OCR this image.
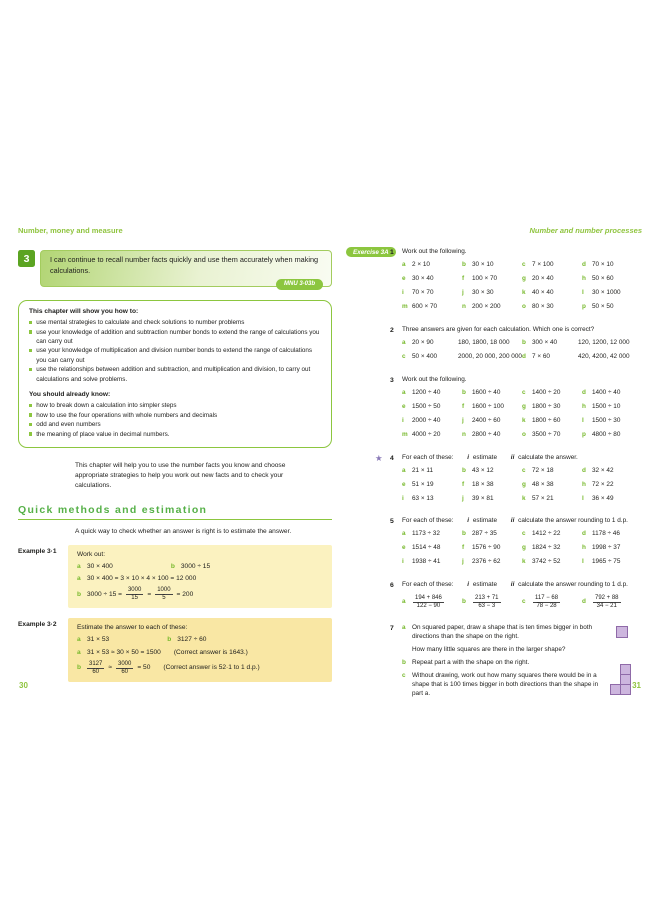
Number, money and measure
3	I can continue to recall number facts quickly and use them accurately when making calculations.
MNU 3-03b
This chapter will show you how to:
use mental strategies to calculate and check solutions to number problems
use your knowledge of addition and subtraction number bonds to extend the range of calculations you can carry out
use your knowledge of multiplication and division number bonds to extend the range of calculations you can carry out
use the relationships between addition and subtraction, and multiplication and division, to carry out calculations and solve problems.
You should already know:
how to break down a calculation into simpler steps
how to use the four operations with whole numbers and decimals
odd and even numbers
the meaning of place value in decimal numbers.
This chapter will help you to use the number facts you know and choose appropriate strategies to help you work out new facts and to check your calculations.
Quick methods and estimation
A quick way to check whether an answer is right is to estimate the answer.
Example 3·1	Work out:
a 30 × 400	b 3000 ÷ 15
a 30 × 400 = 3 × 10 × 4 × 100 = 12 000
b $3000 \div 15 = \frac{3000}{15} = \frac{1000}{5} = 200$
Example 3·2	Estimate the answer to each of these:
a 31 × 53	b 3127 ÷ 60
a 31 × 53 ≈ 30 × 50 = 1500 (Correct answer is 1643.)
b $\frac{3127}{60} \approx \frac{3000}{60} = 50$ (Correct answer is 52·1 to 1 d.p.)
30
Number and number processes
Exercise 3A 1 Work out the following.
a	2 × 10	b 30 × 10	c	7 × 100	d 70 × 10
e	30 × 40	f	100 × 70	g 20 × 40	h 50 × 60
i	70 × 70	j	30 × 30	k	40 × 40	l	30 × 1000
m 600 × 70	n 200 × 200	o 80 × 30	p 50 × 50
2 Three answers are given for each calculation. Which one is correct?
a	20 × 90	180, 1800, 18 000 b 300 × 40	120, 1200, 12 000
c	50 × 400	2000, 20 000, 200 000 d 7 × 60	420, 4200, 42 000
3 Work out the following.
a	1200 ÷ 40	b 1600 ÷ 40	c	1400 ÷ 20	d 1400 ÷ 40
e	1500 ÷ 50	f	1600 ÷ 100	g 1800 ÷ 30	h 1500 ÷ 10
i	2000 ÷ 40	j	2400 ÷ 60	k	1800 ÷ 60	l	1500 ÷ 30
m 4000 ÷ 20	n 2800 ÷ 40	o 3500 ÷ 70	p 4800 ÷ 80
★ 4 For each of these: i estimate ii calculate the answer.
a	21 × 11	b 43 × 12	c	72 × 18	d 32 × 42
e	51 × 19	f	18 × 38	g 48 × 38	h 72 × 22
i	63 × 13	j	39 × 81	k	57 × 21	l	36 × 49
5 For each of these: i estimate ii calculate the answer rounding to 1 d.p.
a	1173 ÷ 32	b 287 ÷ 35	c	1412 ÷ 22	d 1178 ÷ 46
e	1514 ÷ 48	f	1576 ÷ 90	g 1824 ÷ 32	h 1998 ÷ 37
i	1938 ÷ 41	j	2376 ÷ 62	k	3742 ÷ 52	l	1965 ÷ 75
6 For each of these: i estimate ii calculate the answer rounding to 1 d.p.
a	$\frac{194 + 846}{122 - 90}$	b	$\frac{213 + 71}{63 - 3}$	c	$\frac{117 - 68}{78 - 28}$	d	$\frac{792 + 88}{34 - 21}$
7 a	On squared paper, draw a shape that is ten times bigger in both directions than the shape on the right.
How many little squares are there in the larger shape?
b Repeat part a with the shape on the right.
c	Without drawing, work out how many squares there would be in a shape that is 100 times bigger in both directions than the shape in part a.
31
